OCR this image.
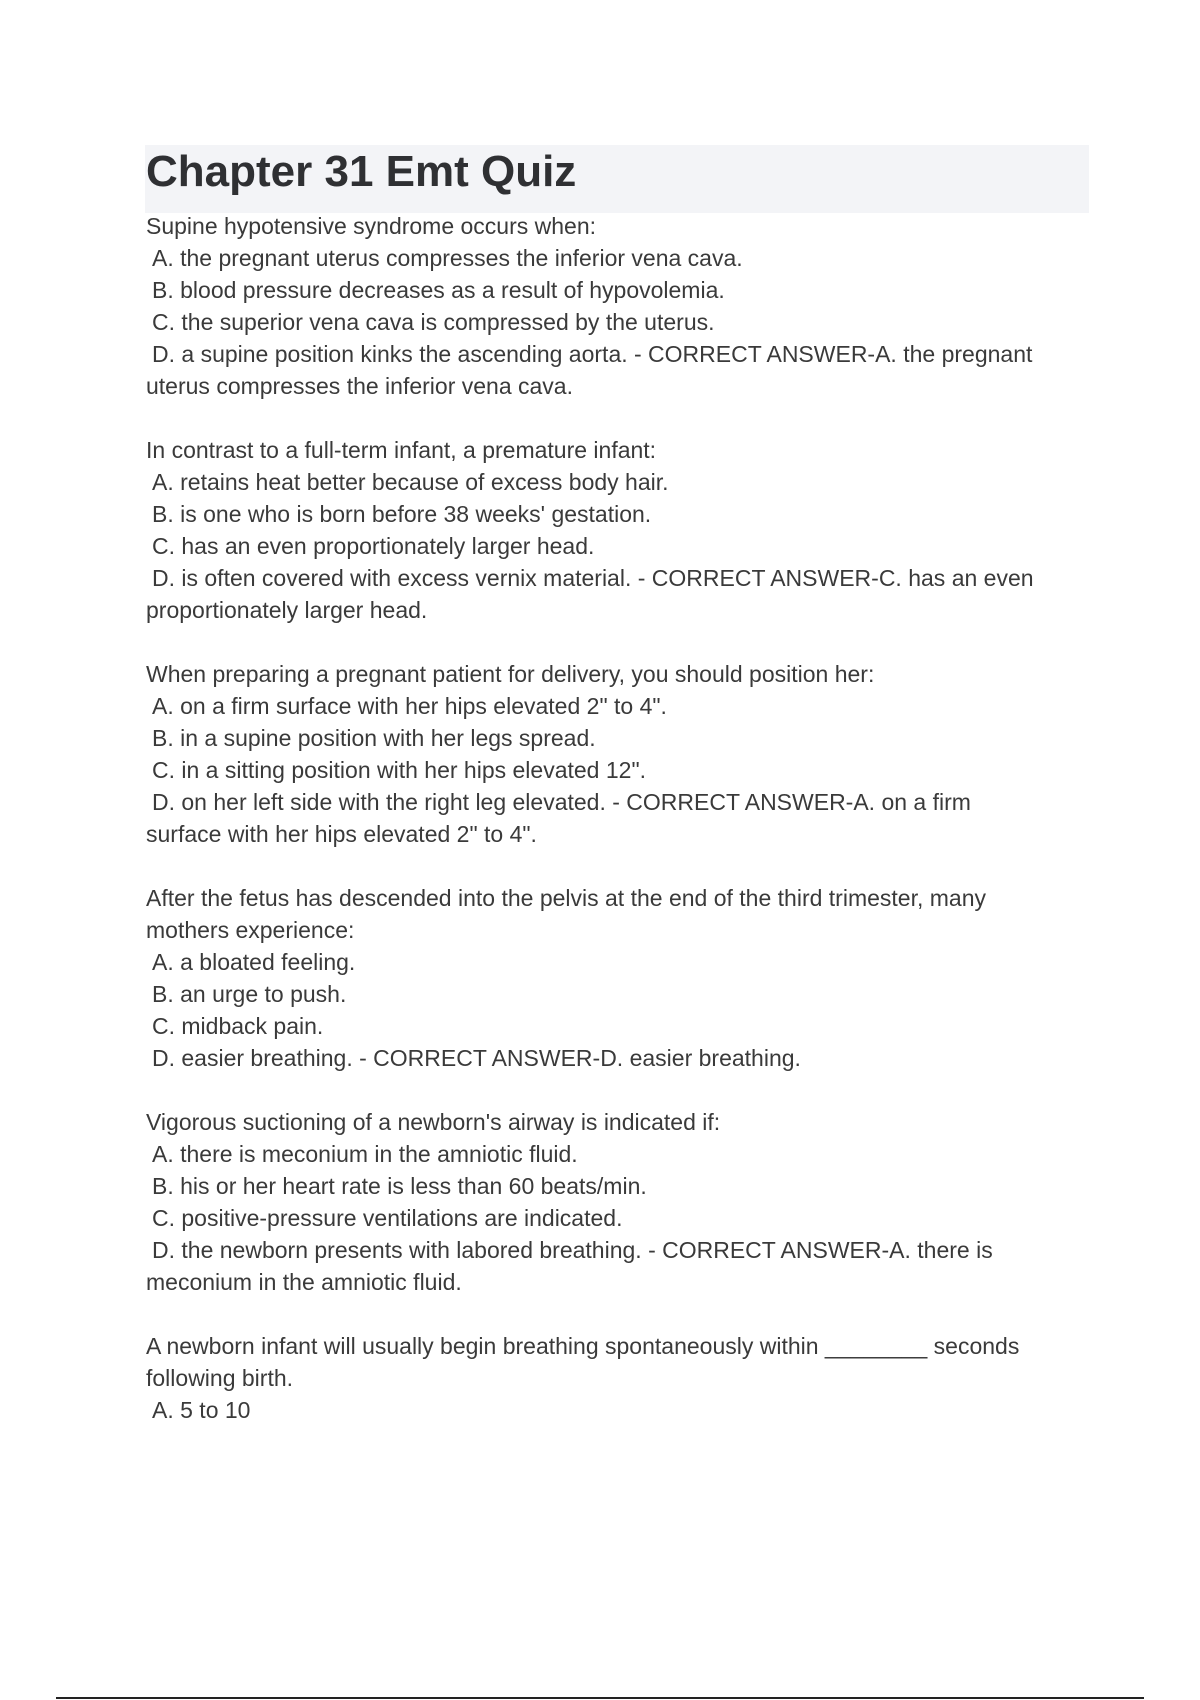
Chapter 31 Emt Quiz

Supine hypotensive syndrome occurs when:

A. the pregnant uterus compresses the inferior vena cava.

B. blood pressure decreases as a result of hypovolemia.

C. the superior vena cava is compressed by the uterus.

D. a supine position kinks the ascending aorta. - CORRECT ANSWER-A. the pregnant

uterus compresses the inferior vena cava.

In contrast to a full-term infant, a premature infant:

A. retains heat better because of excess body hair.

B. is one who is born before 38 weeks' gestation.

C. has an even proportionately larger head.

D. is often covered with excess vernix material. - CORRECT ANSWER-C. has an even

proportionately larger head.

When preparing a pregnant patient for delivery, you should position her:

A. on a firm surface with her hips elevated 2" to 4".

B. in a supine position with her legs spread.

C. in a sitting position with her hips elevated 12".

D. on her left side with the right leg elevated. - CORRECT ANSWER-A. on a firm

surface with her hips elevated 2" to 4".

After the fetus has descended into the pelvis at the end of the third trimester, many

mothers experience:

A. a bloated feeling.

B. an urge to push.

C. midback pain.

D. easier breathing. - CORRECT ANSWER-D. easier breathing.

Vigorous suctioning of a newborn's airway is indicated if:

A. there is meconium in the amniotic fluid.

B. his or her heart rate is less than 60 beats/min.

C. positive-pressure ventilations are indicated.

D. the newborn presents with labored breathing. - CORRECT ANSWER-A. there is

meconium in the amniotic fluid.

A newborn infant will usually begin breathing spontaneously within ________ seconds

following birth.

A. 5 to 10
